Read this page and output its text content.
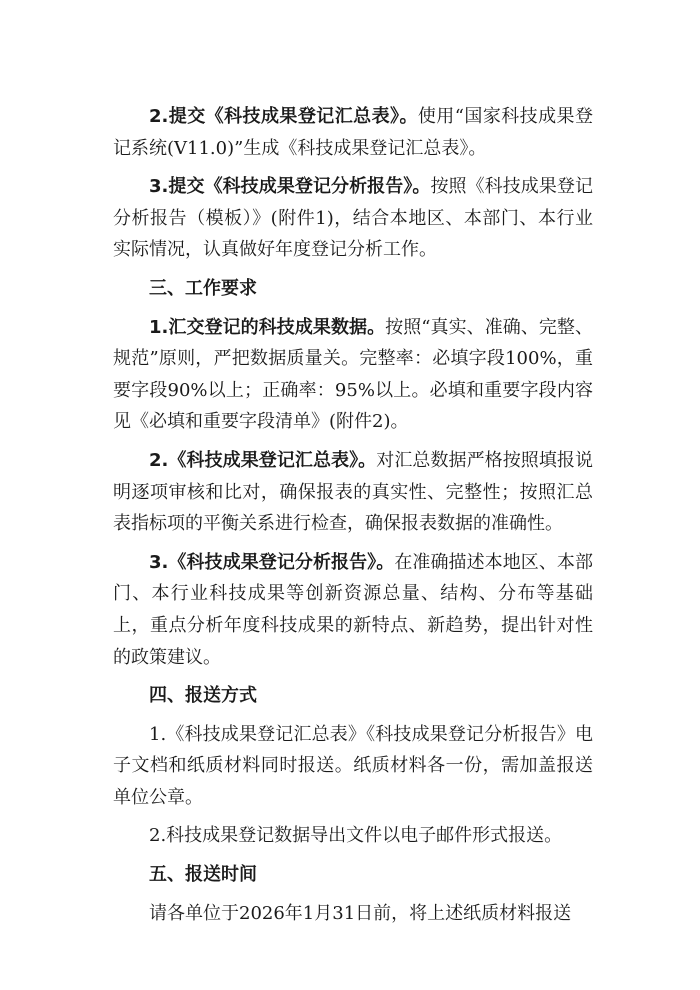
2.提交《科技成果登记汇总表》。使用“国家科技成果登记系统(V11.0)”生成《科技成果登记汇总表》。

3.提交《科技成果登记分析报告》。按照《科技成果登记分析报告（模板）》(附件1)，结合本地区、本部门、本行业实际情况，认真做好年度登记分析工作。

三、工作要求

1.汇交登记的科技成果数据。按照“真实、准确、完整、规范”原则，严把数据质量关。完整率：必填字段100%，重要字段90%以上；正确率：95%以上。必填和重要字段内容见《必填和重要字段清单》(附件2)。

2.《科技成果登记汇总表》。对汇总数据严格按照填报说明逐项审核和比对，确保报表的真实性、完整性；按照汇总表指标项的平衡关系进行检查，确保报表数据的准确性。

3.《科技成果登记分析报告》。在准确描述本地区、本部门、本行业科技成果等创新资源总量、结构、分布等基础上，重点分析年度科技成果的新特点、新趋势，提出针对性的政策建议。

四、报送方式

1.《科技成果登记汇总表》《科技成果登记分析报告》电子文档和纸质材料同时报送。纸质材料各一份，需加盖报送单位公章。

2.科技成果登记数据导出文件以电子邮件形式报送。

五、报送时间

请各单位于2026年1月31日前，将上述纸质材料报送
